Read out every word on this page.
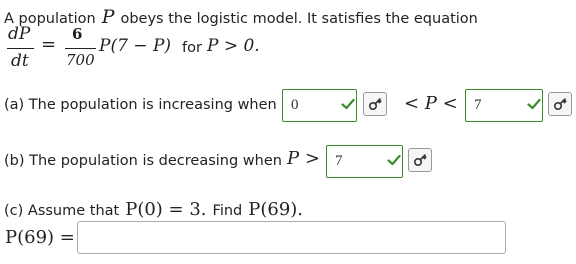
A population P obeys the logistic model. It satisfies the equation
dP
dt
= 6
700
P(7 − P) for P > 0.
(a) The population is increasing when 0	< P < 7
(b) The population is decreasing when P > 7
(c) Assume that P(0) = 3. Find P(69).
P(69) =
